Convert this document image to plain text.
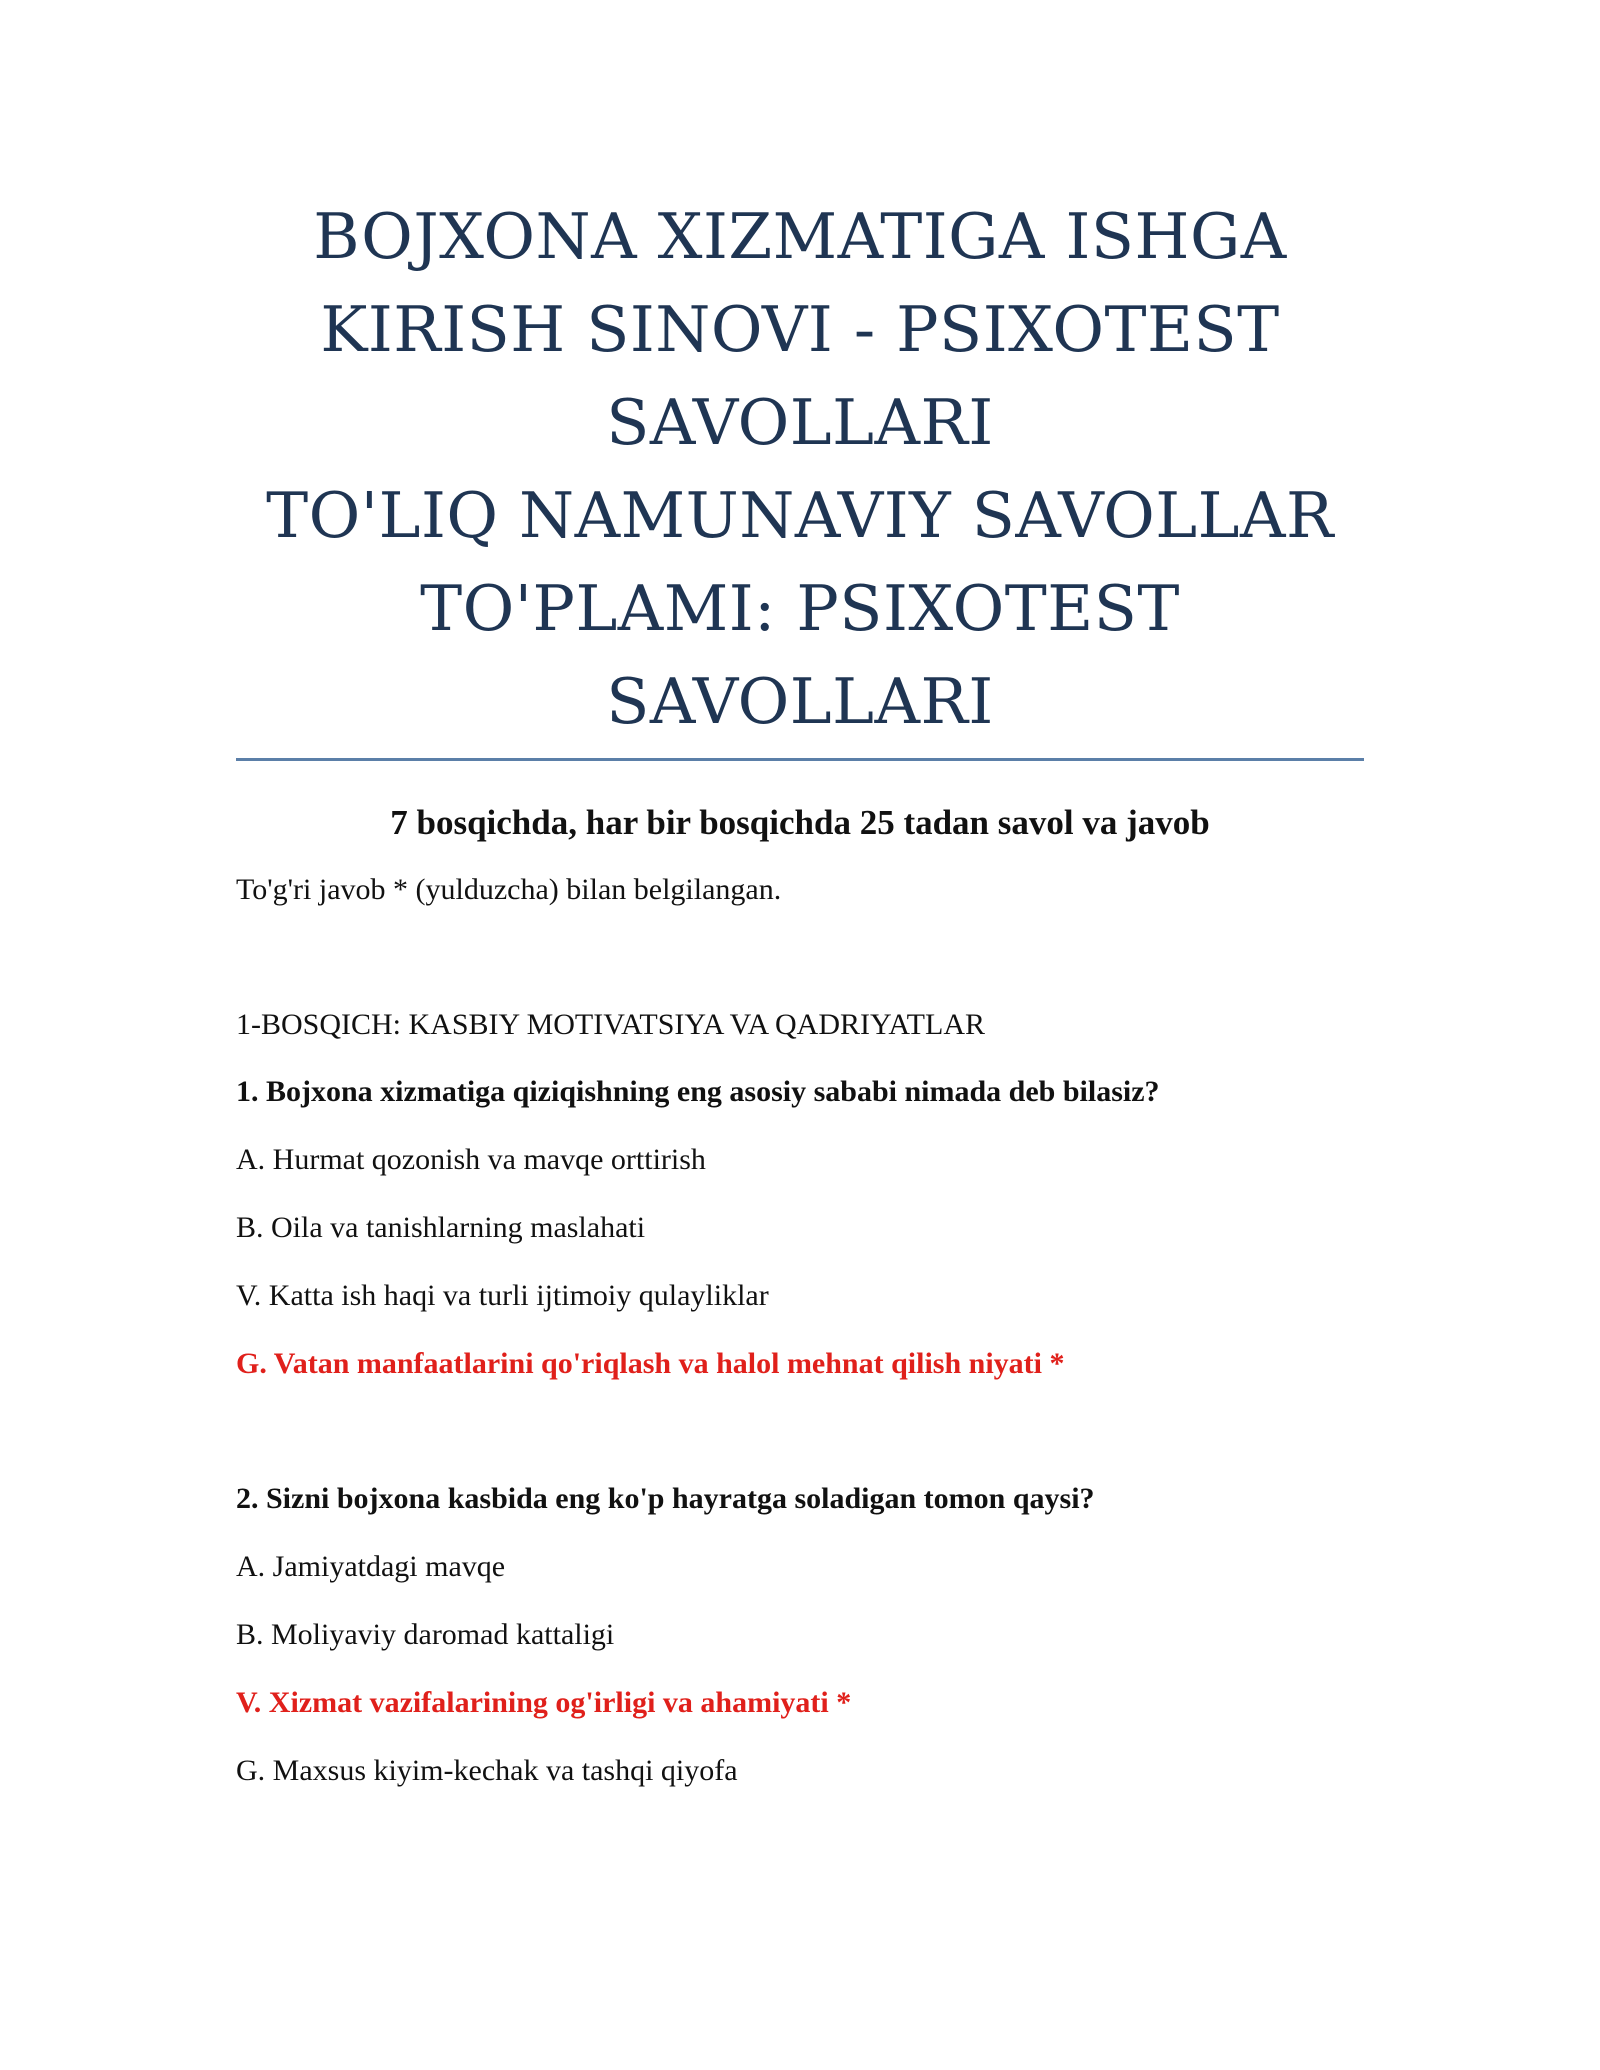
BOJXONA XIZMATIGA ISHGA
KIRISH SINOVI - PSIXOTEST
SAVOLLARI
TO'LIQ NAMUNAVIY SAVOLLAR
TO'PLAMI: PSIXOTEST
SAVOLLARI

7 bosqichda, har bir bosqichda 25 tadan savol va javob

To'g'ri javob * (yulduzcha) bilan belgilangan.

1-BOSQICH: KASBIY MOTIVATSIYA VA QADRIYATLAR

1. Bojxona xizmatiga qiziqishning eng asosiy sababi nimada deb bilasiz?

A. Hurmat qozonish va mavqe orttirish

B. Oila va tanishlarning maslahati

V. Katta ish haqi va turli ijtimoiy qulayliklar

G. Vatan manfaatlarini qo'riqlash va halol mehnat qilish niyati *

2. Sizni bojxona kasbida eng ko'p hayratga soladigan tomon qaysi?

A. Jamiyatdagi mavqe

B. Moliyaviy daromad kattaligi

V. Xizmat vazifalarining og'irligi va ahamiyati *

G. Maxsus kiyim-kechak va tashqi qiyofa
